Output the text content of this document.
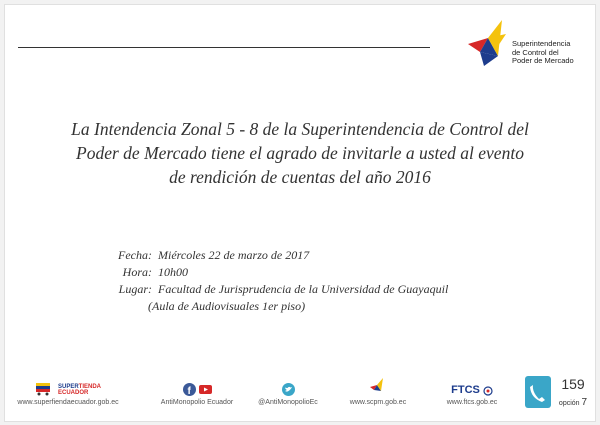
Superintendencia
de Control del
Poder de Mercado
La Intendencia Zonal 5 - 8 de la Superintendencia de Control del Poder de Mercado tiene el agrado de invitarle a usted al evento de rendición de cuentas del año 2016
Fecha: Miércoles 22 de marzo de 2017
Hora: 10h00
Lugar: Facultad de Jurisprudencia de la Universidad de Guayaquil
(Aula de Audiovisuales 1er piso)
SUPERTIENDA
ECUADOR
www.superfiendaecuador.gob.ec
f
AntiMonopolio Ecuador	@AntiMonopolioEc	www.scpm.gob.ec
FTCS
www.ftcs.gob.ec
159
opción 7
